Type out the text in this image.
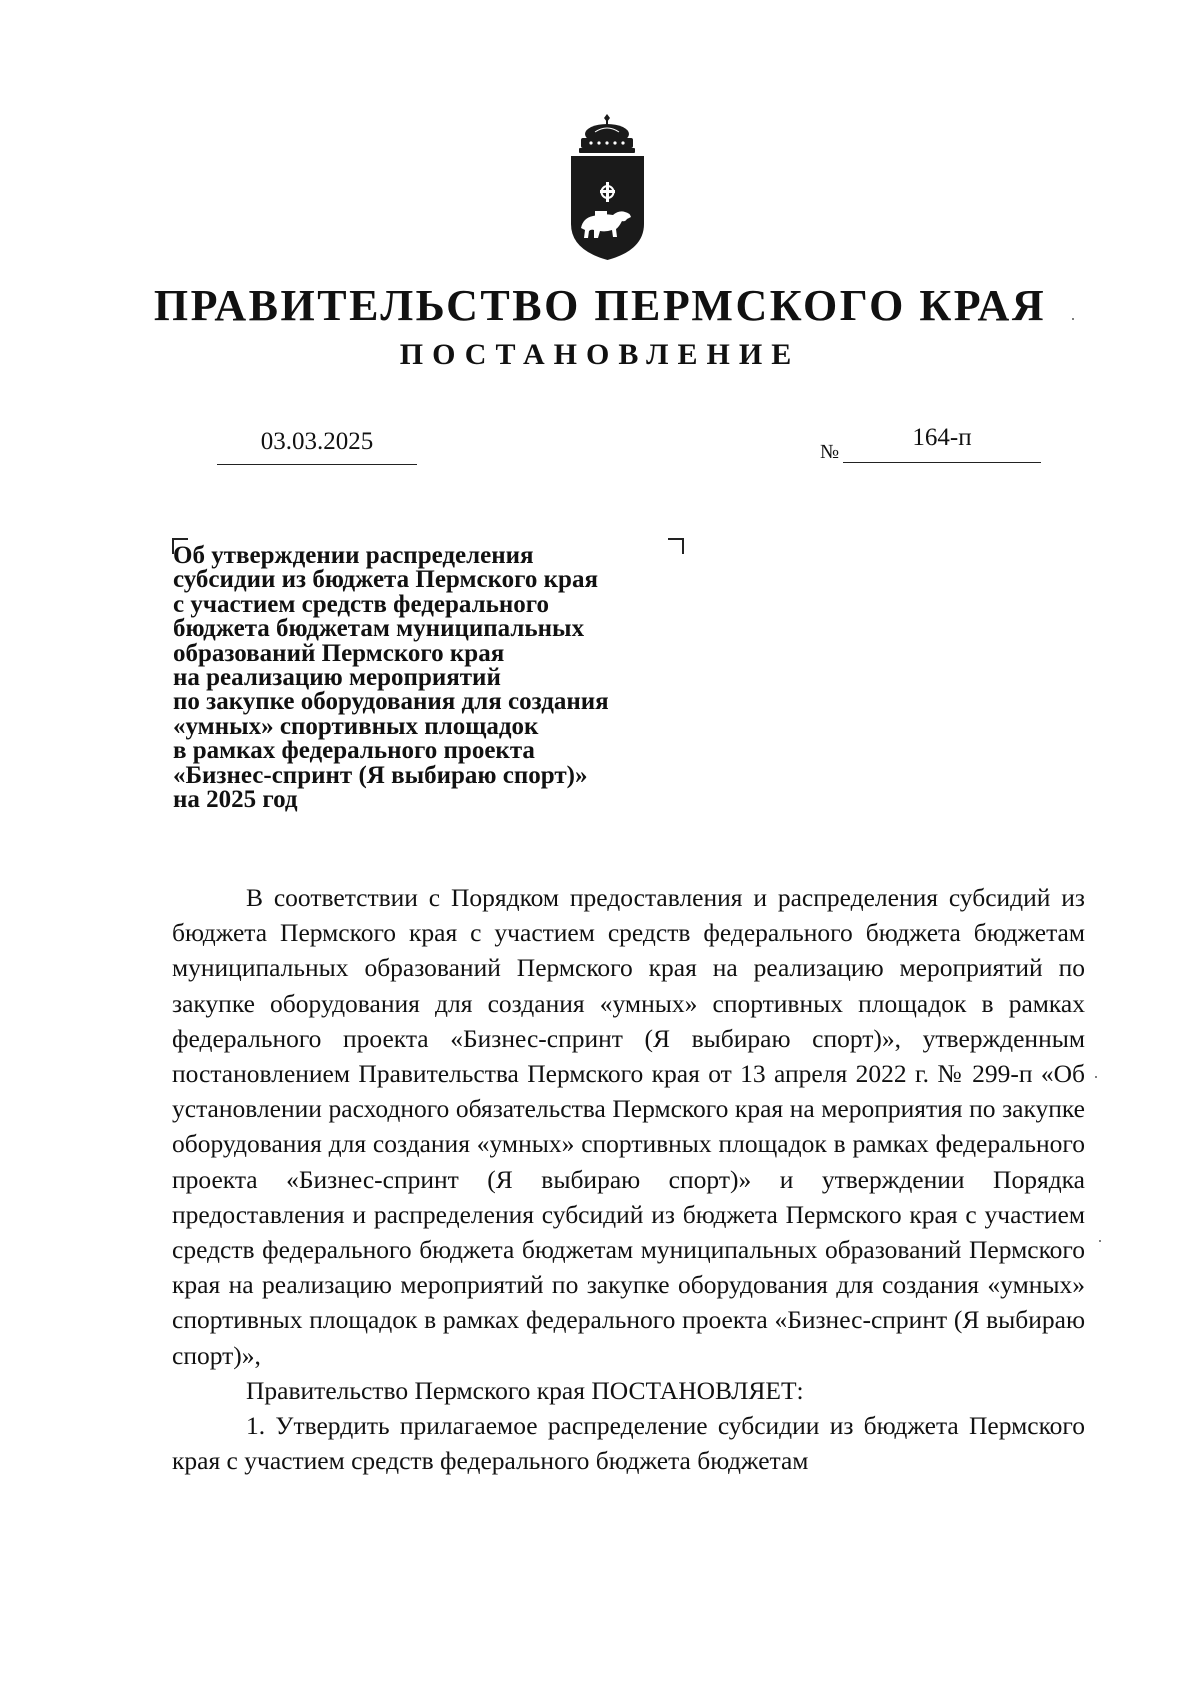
ПРАВИТЕЛЬСТВО ПЕРМСКОГО КРАЯ
ПОСТАНОВЛЕНИЕ
03.03.2025	№
164-п
Об утверждении распределения
субсидии из бюджета Пермского края
с участием средств федерального
бюджета бюджетам муниципальных
образований Пермского края
на реализацию мероприятий
по закупке оборудования для создания
«умных» спортивных площадок
в рамках федерального проекта
«Бизнес-спринт (Я выбираю спорт)»
на 2025 год

В соответствии с Порядком предоставления и распределения субсидий из бюджета Пермского края с участием средств федерального бюджета бюджетам муниципальных образований Пермского края на реализацию мероприятий по закупке оборудования для создания «умных» спортивных площадок в рамках федерального проекта «Бизнес-спринт (Я выбираю спорт)», утвержденным постановлением Правительства Пермского края от 13 апреля 2022 г. № 299-п «Об установлении расходного обязательства Пермского края на мероприятия по закупке оборудования для создания «умных» спортивных площадок в рамках федерального проекта «Бизнес-спринт (Я выбираю спорт)» и утверждении Порядка предоставления и распределения субсидий из бюджета Пермского края с участием средств федерального бюджета бюджетам муниципальных образований Пермского края на реализацию мероприятий по закупке оборудования для создания «умных» спортивных площадок в рамках федерального проекта «Бизнес-спринт (Я выбираю спорт)»,

Правительство Пермского края ПОСТАНОВЛЯЕТ:

1. Утвердить прилагаемое распределение субсидии из бюджета Пермского края с участием средств федерального бюджета бюджетам
